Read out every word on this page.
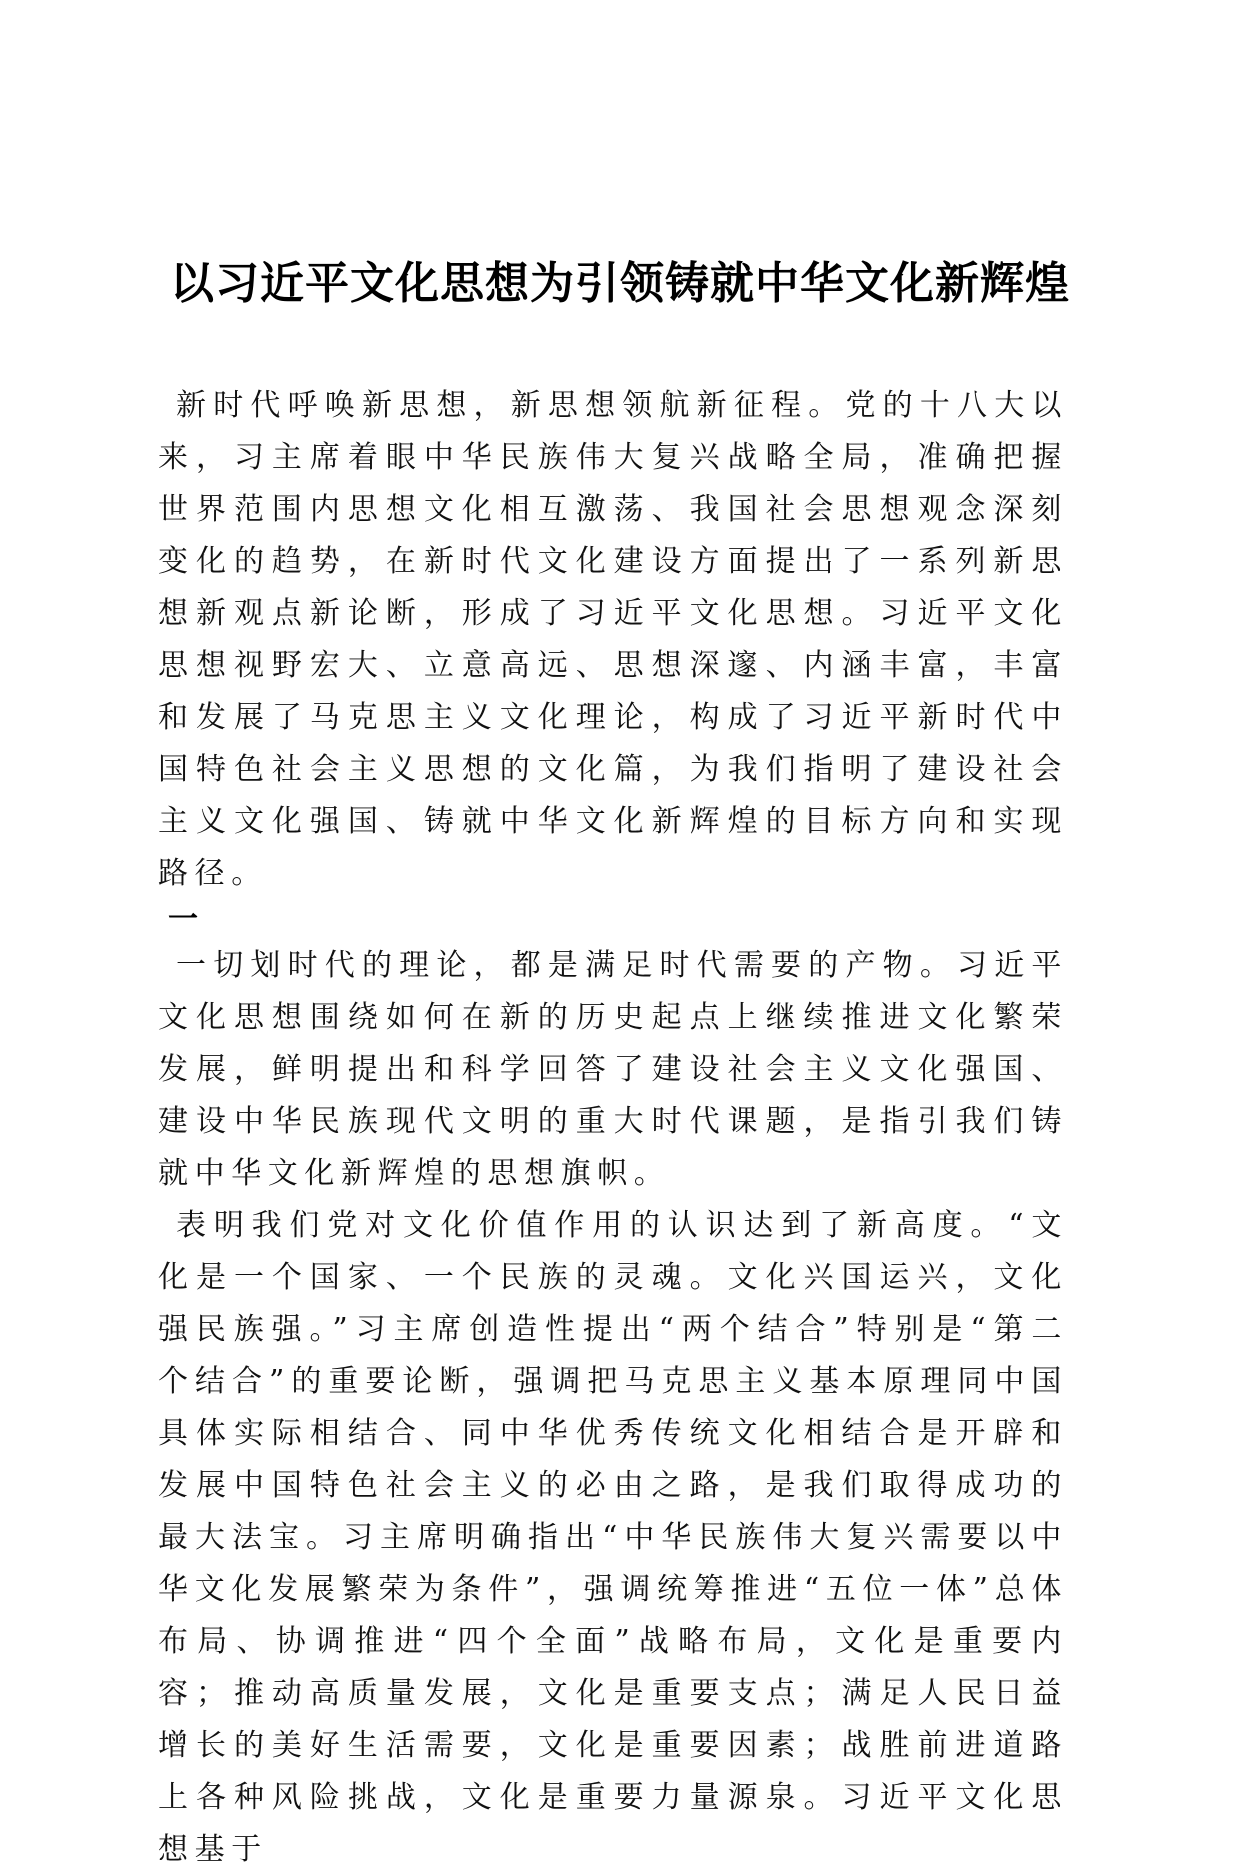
以习近平文化思想为引领铸就中华文化新辉煌

新时代呼唤新思想，新思想领航新征程。党的十八大以来，习主席着眼中华民族伟大复兴战略全局，准确把握世界范围内思想文化相互激荡、我国社会思想观念深刻变化的趋势，在新时代文化建设方面提出了一系列新思想新观点新论断，形成了习近平文化思想。习近平文化思想视野宏大、立意高远、思想深邃、内涵丰富，丰富和发展了马克思主义文化理论，构成了习近平新时代中国特色社会主义思想的文化篇，为我们指明了建设社会主义文化强国、铸就中华文化新辉煌的目标方向和实现路径。

一

一切划时代的理论，都是满足时代需要的产物。习近平文化思想围绕如何在新的历史起点上继续推进文化繁荣发展，鲜明提出和科学回答了建设社会主义文化强国、建设中华民族现代文明的重大时代课题，是指引我们铸就中华文化新辉煌的思想旗帜。

表明我们党对文化价值作用的认识达到了新高度。“文化是一个国家、一个民族的灵魂。文化兴国运兴，文化强民族强。”习主席创造性提出“两个结合”特别是“第二个结合”的重要论断，强调把马克思主义基本原理同中国具体实际相结合、同中华优秀传统文化相结合是开辟和发展中国特色社会主义的必由之路，是我们取得成功的最大法宝。习主席明确指出“中华民族伟大复兴需要以中华文化发展繁荣为条件”，强调统筹推进“五位一体”总体布局、协调推进“四个全面”战略布局，文化是重要内容；推动高质量发展，文化是重要支点；满足人民日益增长的美好生活需要，文化是重要因素；战胜前进道路上各种风险挑战，文化是重要力量源泉。习近平文化思想基于
